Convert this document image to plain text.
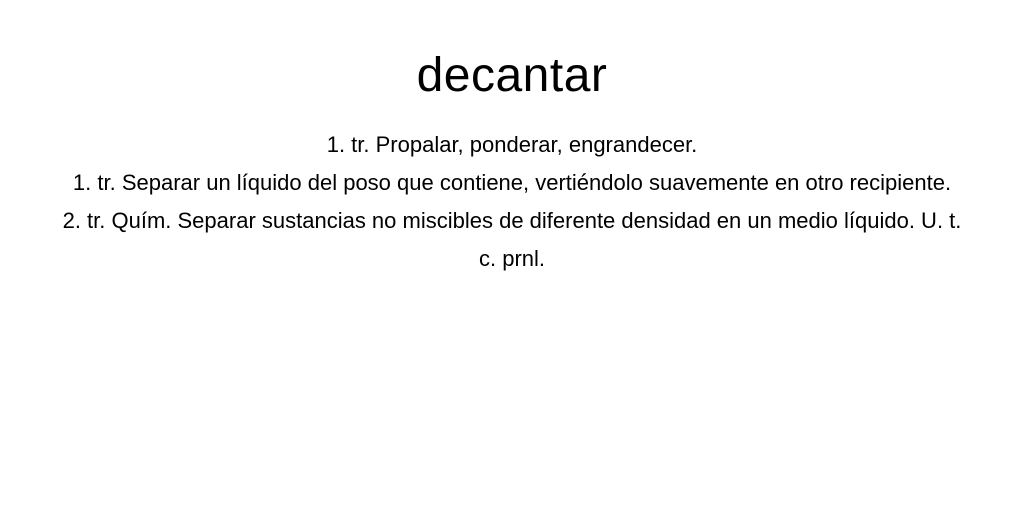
decantar
1. tr. Propalar, ponderar, engrandecer.
1. tr. Separar un líquido del poso que contiene, vertiéndolo suavemente en otro recipiente.
2. tr. Quím. Separar sustancias no miscibles de diferente densidad en un medio líquido. U. t. c. prnl.
